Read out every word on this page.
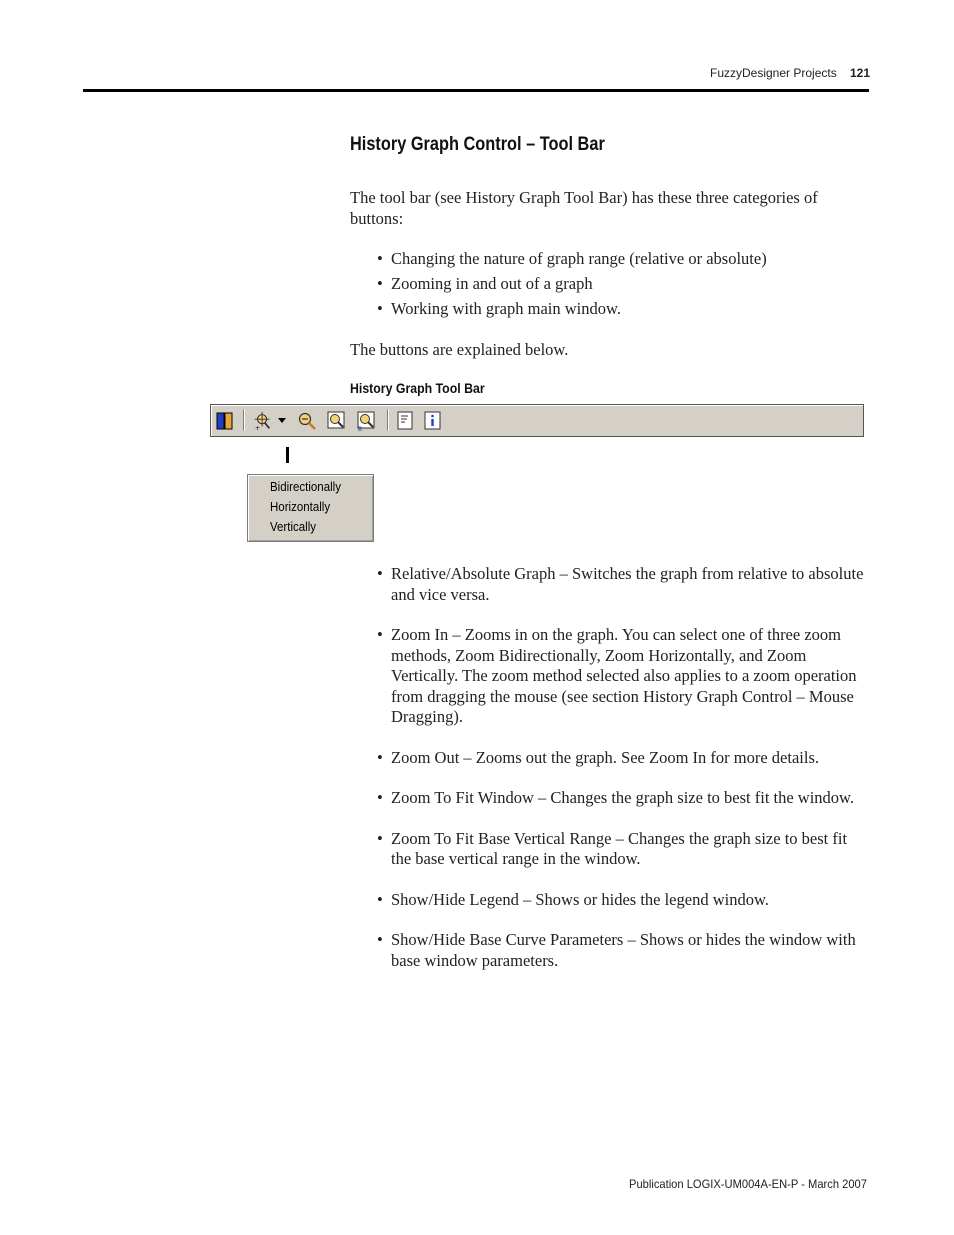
FuzzyDesigner Projects 121
History Graph Control – Tool Bar
The tool bar (see History Graph Tool Bar) has these three categories of buttons:
• Changing the nature of graph range (relative or absolute)
• Zooming in and out of a graph
• Working with graph main window.
The buttons are explained below.
History Graph Tool Bar
+	B
Bidirectionally
Horizontally
Vertically
• Relative/Absolute Graph – Switches the graph from relative to absolute and vice versa.
• Zoom In – Zooms in on the graph. You can select one of three zoom methods, Zoom Bidirectionally, Zoom Horizontally, and Zoom Vertically. The zoom method selected also applies to a zoom operation from dragging the mouse (see section History Graph Control – Mouse Dragging).
• Zoom Out – Zooms out the graph. See Zoom In for more details.
• Zoom To Fit Window – Changes the graph size to best fit the window.
• Zoom To Fit Base Vertical Range – Changes the graph size to best fit the base vertical range in the window.
• Show/Hide Legend – Shows or hides the legend window.
• Show/Hide Base Curve Parameters – Shows or hides the window with base window parameters.
Publication LOGIX-UM004A-EN-P - March 2007
